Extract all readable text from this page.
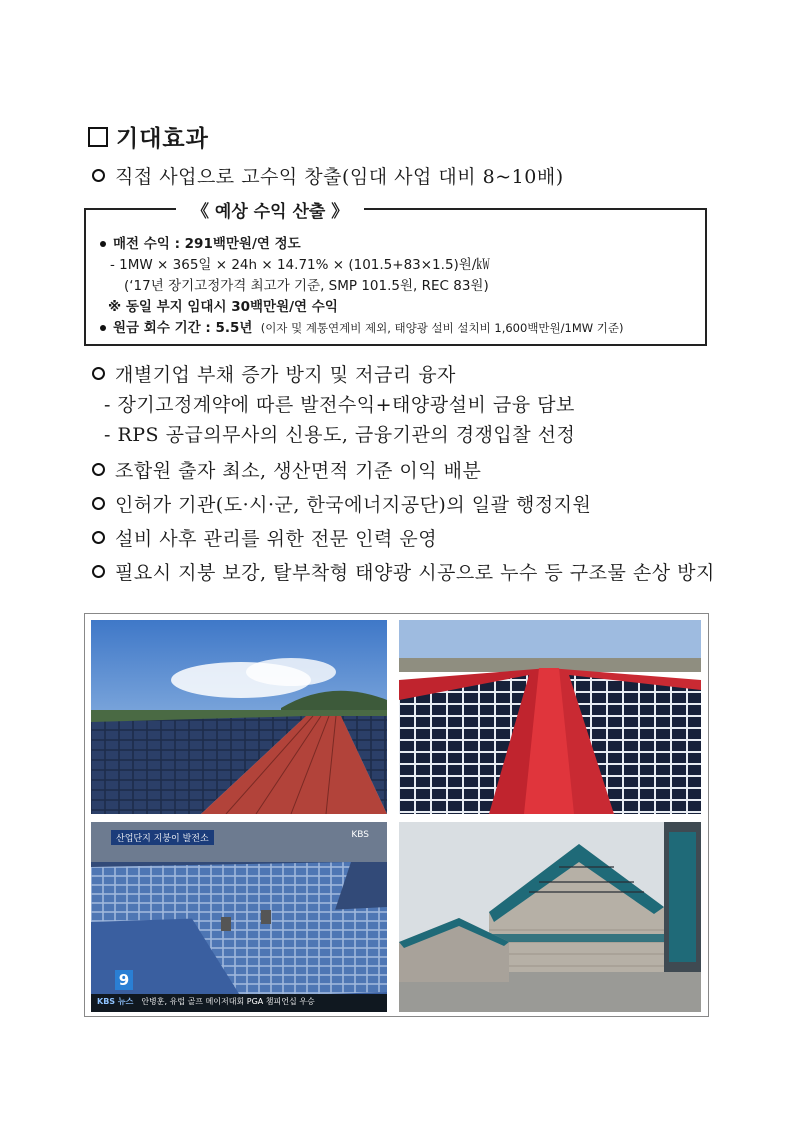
기대효과
직접 사업으로 고수익 창출(임대 사업 대비 8~10배)
《 예상 수익 산출 》
매전 수익 : 291백만원/연 정도
- 1MW × 365일 × 24h × 14.71% × (101.5+83×1.5)원/㎾
(‘17년 장기고정가격 최고가 기준, SMP 101.5원, REC 83원)
※ 동일 부지 임대시 30백만원/연 수익
원금 회수 기간 : 5.5년 (이자 및 계통연계비 제외, 태양광 설비 설치비 1,600백만원/1MW 기준)
개별기업 부채 증가 방지 및 저금리 융자
- 장기고정계약에 따른 발전수익+태양광설비 금융 담보
- RPS 공급의무사의 신용도, 금융기관의 경쟁입찰 선정
조합원 출자 최소, 생산면적 기준 이익 배분
인허가 기관(도·시·군, 한국에너지공단)의 일괄 행정지원
설비 사후 관리를 위한 전문 인력 운영
필요시 지붕 보강, 탈부착형 태양광 시공으로 누수 등 구조물 손상 방지
산업단지 지붕이 발전소	KBS
9
KBS 뉴스 안병훈, 유럽 골프 메이저대회 PGA 챔피언십 우승
